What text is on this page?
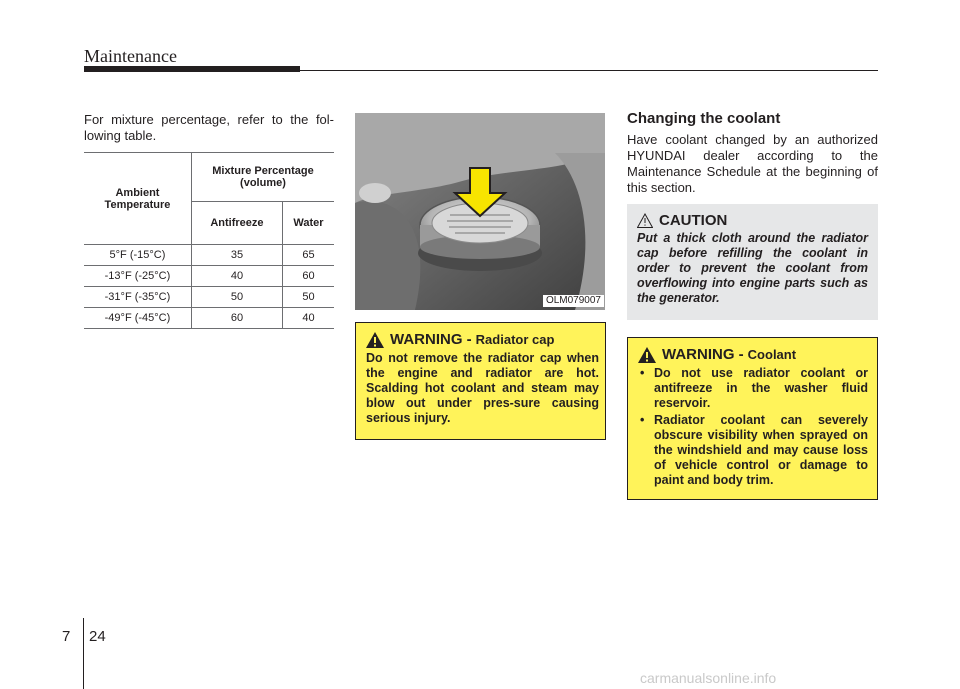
Maintenance
For mixture percentage, refer to the fol-lowing table.
Ambient Temperature	Mixture Percentage (volume)	
	Antifreeze	Water
5°F (-15°C)	35	65
-13°F (-25°C)	40	60
-31°F (-35°C)	50	50
-49°F (-45°C)	60	40
OLM079007
WARNING - Radiator cap
Do not remove the radiator cap when the engine and radiator are hot. Scalding hot coolant and steam may blow out under pres-sure causing serious injury.
Changing the coolant
Have coolant changed by an authorized HYUNDAI dealer according to the Maintenance Schedule at the beginning of this section.
CAUTION
Put a thick cloth around the radiator cap before refilling the coolant in order to prevent the coolant from overflowing into engine parts such as the generator.
WARNING - Coolant
• Do not use radiator coolant or antifreeze in the washer fluid reservoir.
• Radiator coolant can severely obscure visibility when sprayed on the windshield and may cause loss of vehicle control or damage to paint and body trim.
7 24
carmanualsonline.info
